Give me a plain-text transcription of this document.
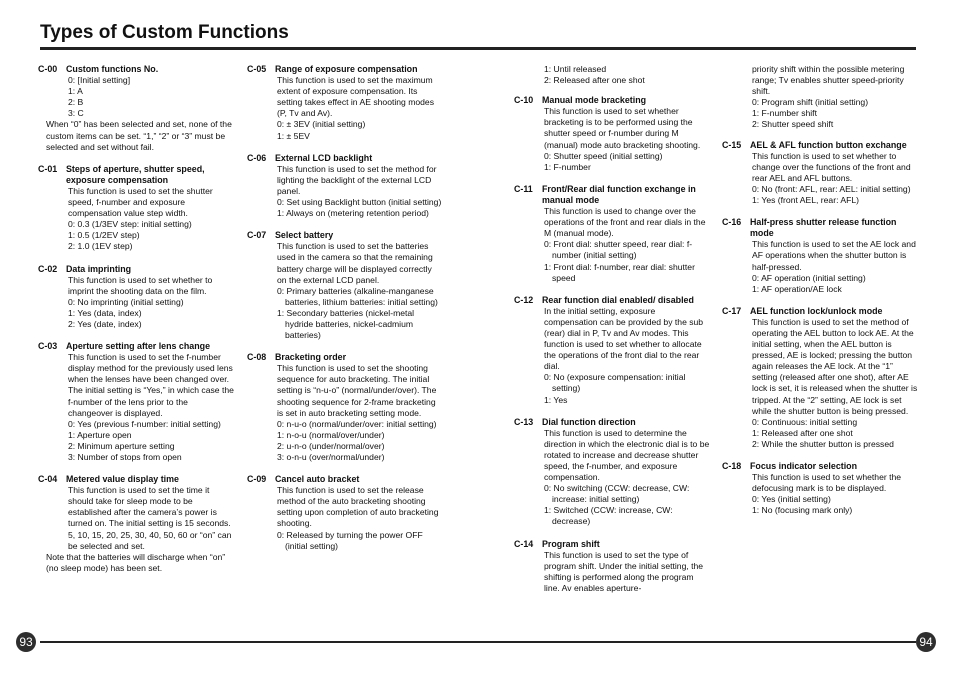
Types of Custom Functions
C-00 Custom functions No.
0: [Initial setting]
1: A
2: B
3: C
When “0” has been selected and set, none of the custom items can be set. “1,” “2” or “3” must be selected and set without fail.
C-01 Steps of aperture, shutter speed, exposure compensation
This function is used to set the shutter speed, f-number and exposure compensation value step width.
0: 0.3 (1/3EV step: initial setting)
1: 0.5 (1/2EV step)
2: 1.0 (1EV step)
C-02 Data imprinting
This function is used to set whether to imprint the shooting data on the film.
0: No imprinting (initial setting)
1: Yes (data, index)
2: Yes (date, index)
C-03 Aperture setting after lens change
This function is used to set the f-number display method for the previously used lens when the lenses have been changed over. The initial setting is “Yes,” in which case the f-number of the lens prior to the changeover is displayed.
0: Yes (previous f-number: initial setting)
1: Aperture open
2: Minimum aperture setting
3: Number of stops from open
C-04 Metered value display time
This function is used to set the time it should take for sleep mode to be established after the camera’s power is turned on. The initial setting is 15 seconds. 5, 10, 15, 20, 25, 30, 40, 50, 60 or “on” can be selected and set.
Note that the batteries will discharge when “on” (no sleep mode) has been set.
C-05 Range of exposure compensation
This function is used to set the maximum extent of exposure compensation. Its setting takes effect in AE shooting modes (P, Tv and Av).
0: ± 3EV (initial setting)
1: ± 5EV
C-06 External LCD backlight
This function is used to set the method for lighting the backlight of the external LCD panel.
0: Set using Backlight button (initial setting)
1: Always on (metering retention period)
C-07 Select battery
This function is used to set the batteries used in the camera so that the remaining battery charge will be displayed correctly on the external LCD panel.
0: Primary batteries (alkaline-manganese batteries, lithium batteries: initial setting)
1: Secondary batteries (nickel-metal hydride batteries, nickel-cadmium batteries)
C-08 Bracketing order
This function is used to set the shooting sequence for auto bracketing. The initial setting is “n-u-o” (normal/under/over). The shooting sequence for 2-frame bracketing is set in auto bracketing setting mode.
0: n-u-o (normal/under/over: initial setting)
1: n-o-u (normal/over/under)
2: u-n-o (under/normal/over)
3: o-n-u (over/normal/under)
C-09 Cancel auto bracket
This function is used to set the release method of the auto bracketing shooting setting upon completion of auto bracketing shooting.
0: Released by turning the power OFF (initial setting)
1: Until released
2: Released after one shot
C-10 Manual mode bracketing
This function is used to set whether bracketing is to be performed using the shutter speed or f-number during M (manual) mode auto bracketing shooting.
0: Shutter speed (initial setting)
1: F-number
C-11	Front/Rear dial function exchange in manual mode
This function is used to change over the operations of the front and rear dials in the M (manual mode).
0: Front dial: shutter speed, rear dial: f-number (initial setting)
1: Front dial: f-number, rear dial: shutter speed
C-12 Rear function dial enabled/ disabled
In the initial setting, exposure compensation can be provided by the sub (rear) dial in P, Tv and Av modes. This function is used to set whether to allocate the operations of the front dial to the rear dial.
0: No (exposure compensation: initial setting)
1: Yes
C-13 Dial function direction
This function is used to determine the direction in which the electronic dial is to be rotated to increase and decrease shutter speed, the f-number, and exposure compensation.
0: No switching (CCW: decrease, CW: increase: initial setting)
1: Switched (CCW: increase, CW: decrease)
C-14 Program shift
This function is used to set the type of program shift. Under the initial setting, the shifting is performed along the program line. Av enables aperture-
priority shift within the possible metering range; Tv enables shutter speed-priority shift.
0: Program shift (initial setting)
1: F-number shift
2: Shutter speed shift
C-15 AEL & AFL function button exchange
This function is used to set whether to change over the functions of the front and rear AEL and AFL buttons.
0: No (front: AFL, rear: AEL: initial setting)
1: Yes (front AEL, rear: AFL)
C-16 Half-press shutter release function mode
This function is used to set the AE lock and AF operations when the shutter button is half-pressed.
0: AF operation (initial setting)
1: AF operation/AE lock
C-17 AEL function lock/unlock mode
This function is used to set the method of operating the AEL button to lock AE. At the initial setting, when the AEL button is pressed, AE is locked; pressing the button again releases the AE lock. At the “1” setting (released after one shot), after AE lock is set, it is released when the shutter is tripped. At the “2” setting, AE lock is set while the shutter button is being pressed.
0: Continuous: initial setting
1: Released after one shot
2: While the shutter button is pressed
C-18 Focus indicator selection
This function is used to set whether the defocusing mark is to be displayed.
0: Yes (initial setting)
1: No (focusing mark only)
93	94
